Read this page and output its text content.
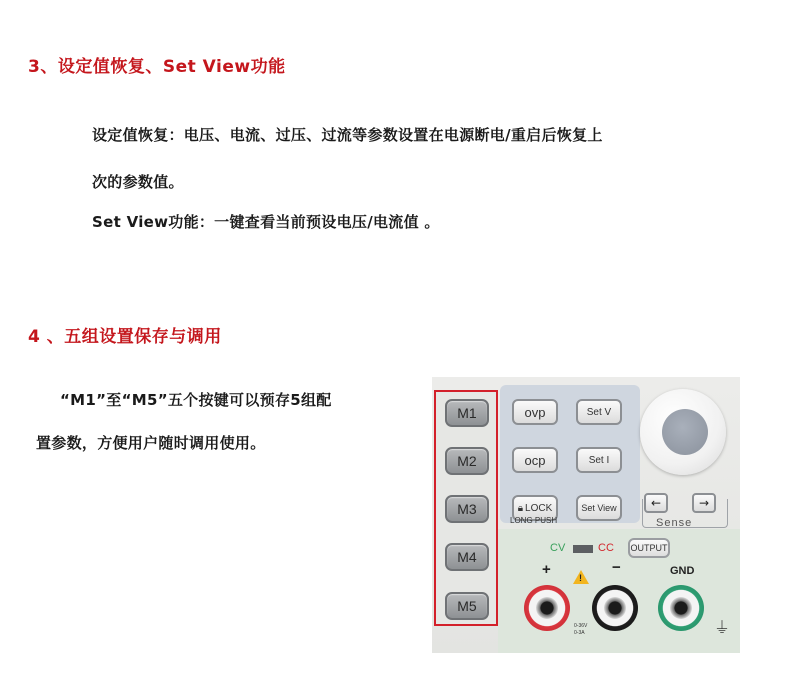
3、设定值恢复、Set View功能
设定值恢复：电压、电流、过压、过流等参数设置在电源断电/重启后恢复上
次的参数值。
Set View功能：一键查看当前预设电压/电流值 。
4 、五组设置保存与调用
“M1”至“M5”五个按键可以预存5组配
置参数，方便用户随时调用使用。
M1
M2
M3
M4
M5
ovp	Set V
ocp	Set I
🔒︎ LOCK	Set View
LONG PUSH
←	→
Sense
CV	CC OUTPUT
+	−	GND
!
0-36V
0-3A	⏚
